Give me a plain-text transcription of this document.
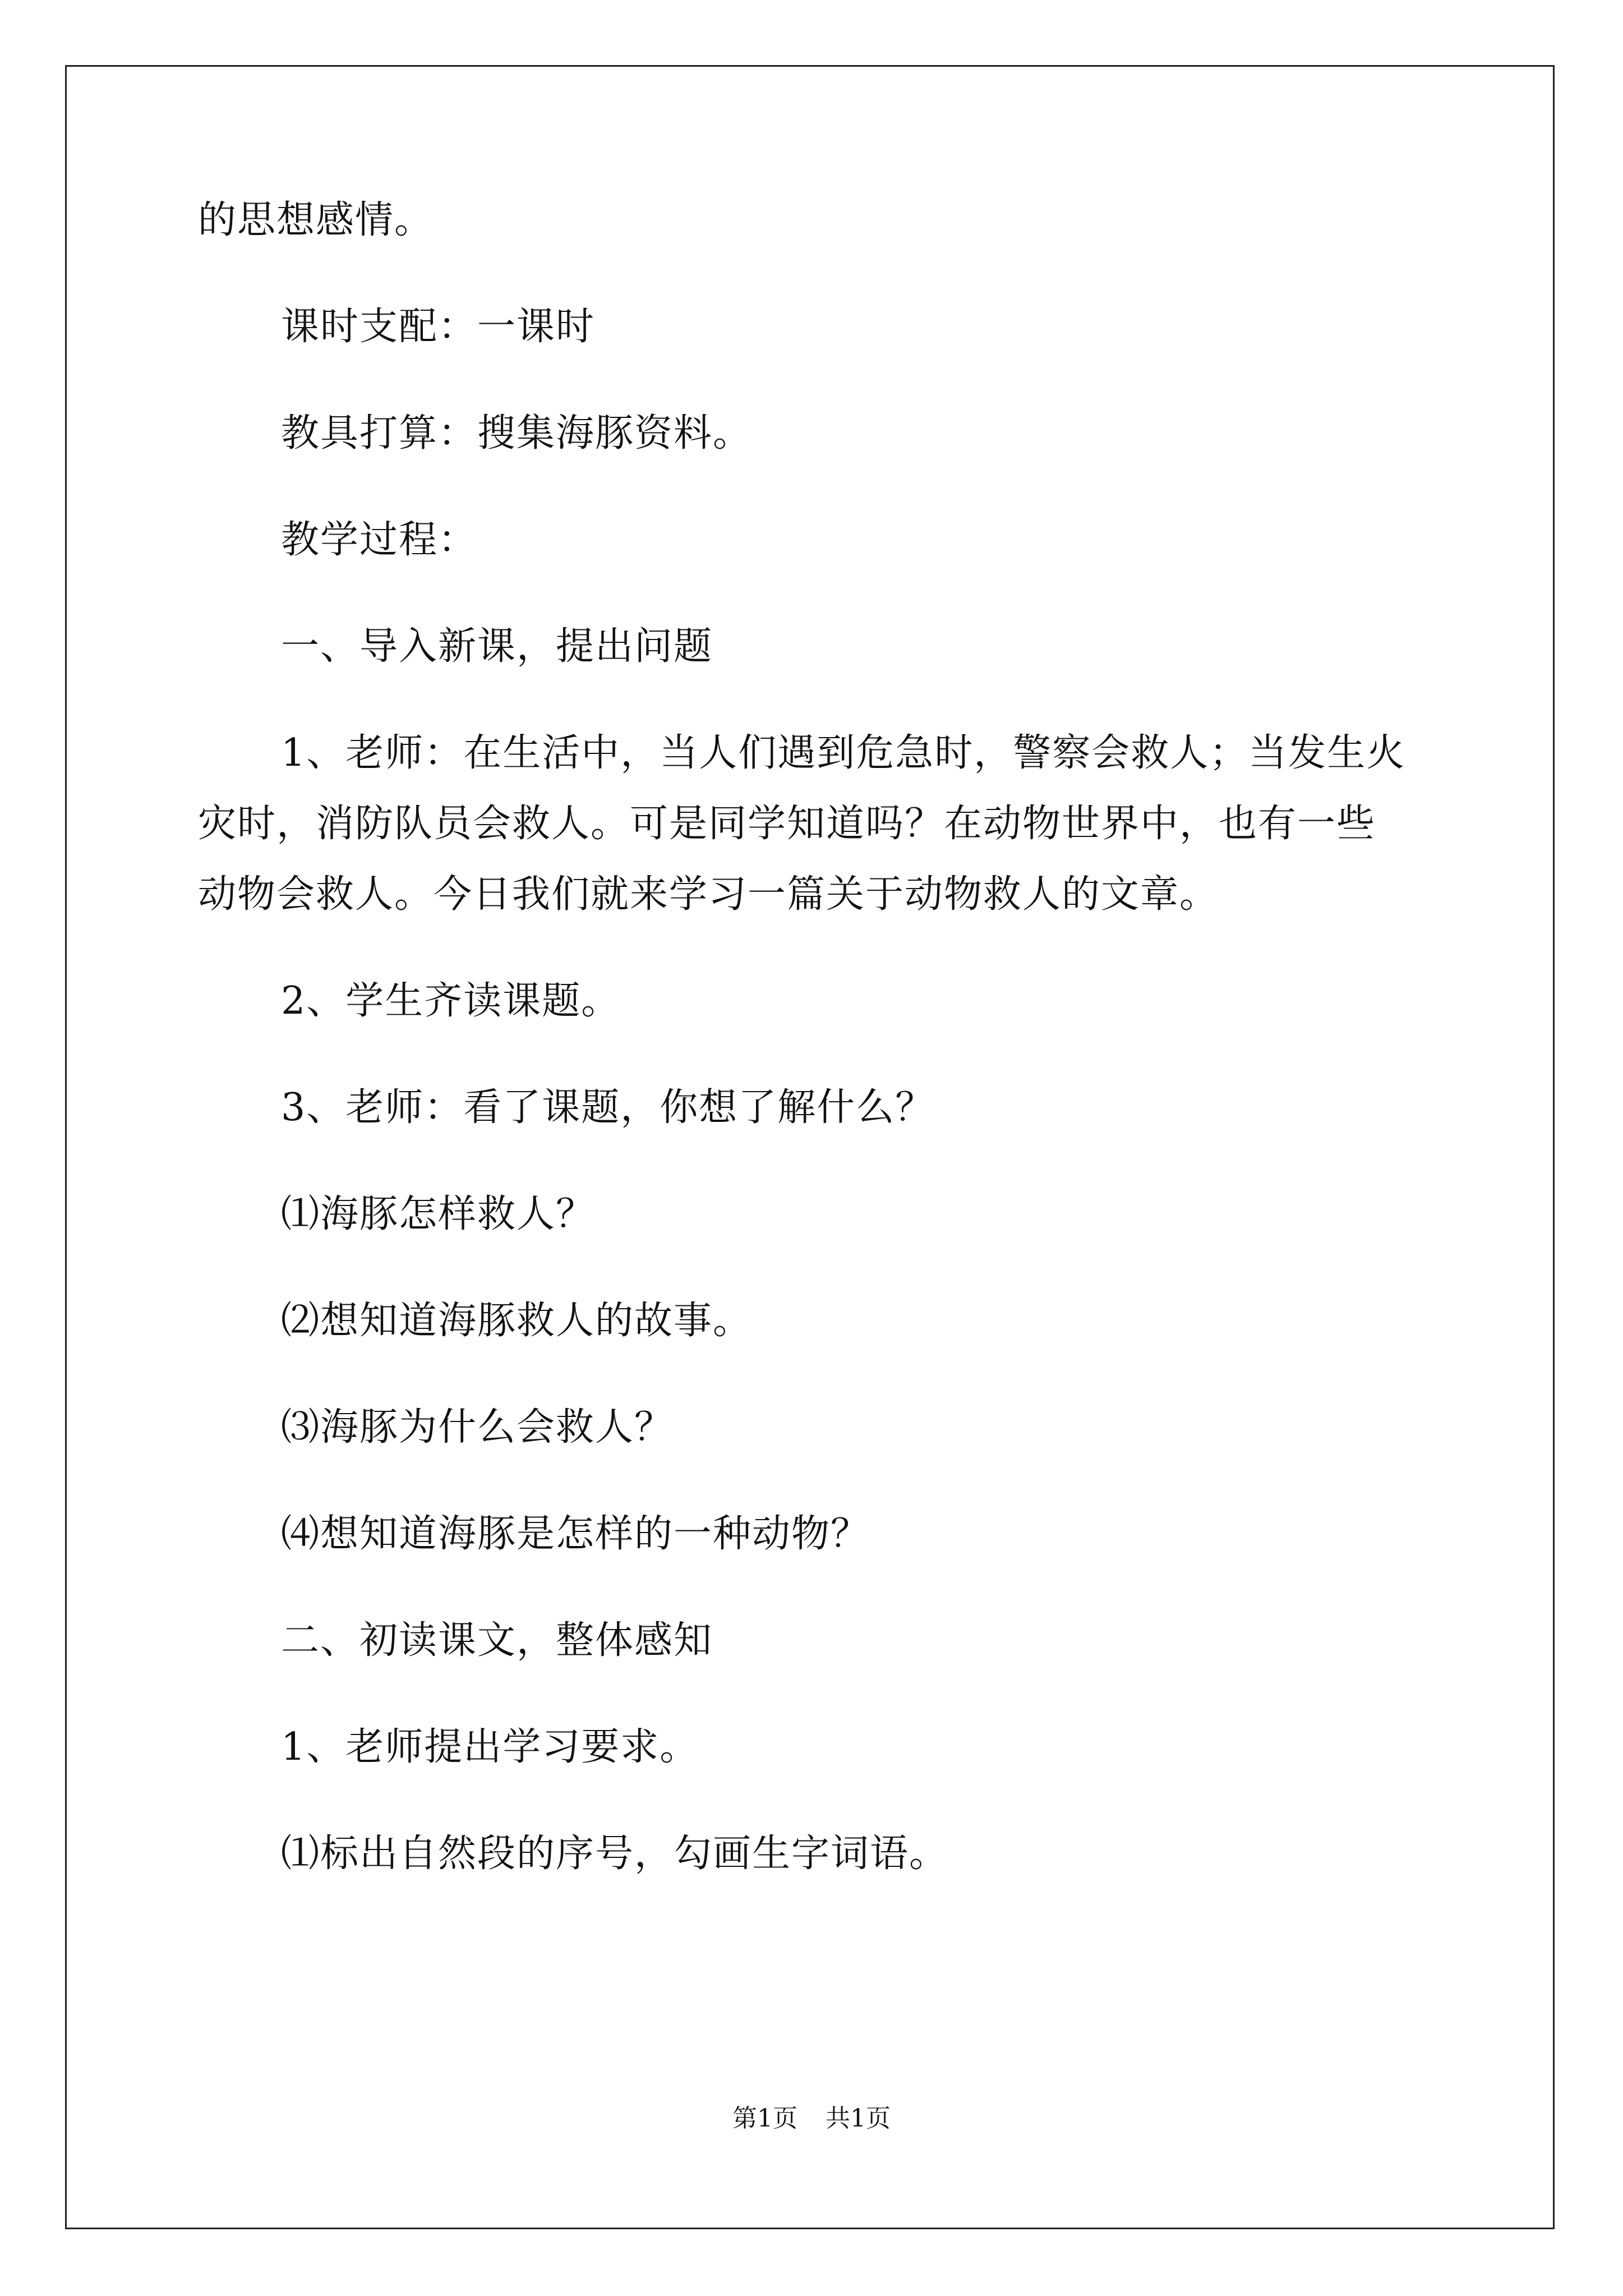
的思想感情。

课时支配：一课时

教具打算：搜集海豚资料。

教学过程：

一、导入新课，提出问题

1、老师：在生活中，当人们遇到危急时，警察会救人；当发生火
灾时，消防队员会救人。可是同学知道吗？在动物世界中，也有一些
动物会救人。今日我们就来学习一篇关于动物救人的文章。

2、学生齐读课题。

3、老师：看了课题，你想了解什么？

⑴海豚怎样救人？

⑵想知道海豚救人的故事。

⑶海豚为什么会救人？

⑷想知道海豚是怎样的一种动物？

二、初读课文，整体感知

1、老师提出学习要求。

⑴标出自然段的序号，勾画生字词语。

第1页 共1页
